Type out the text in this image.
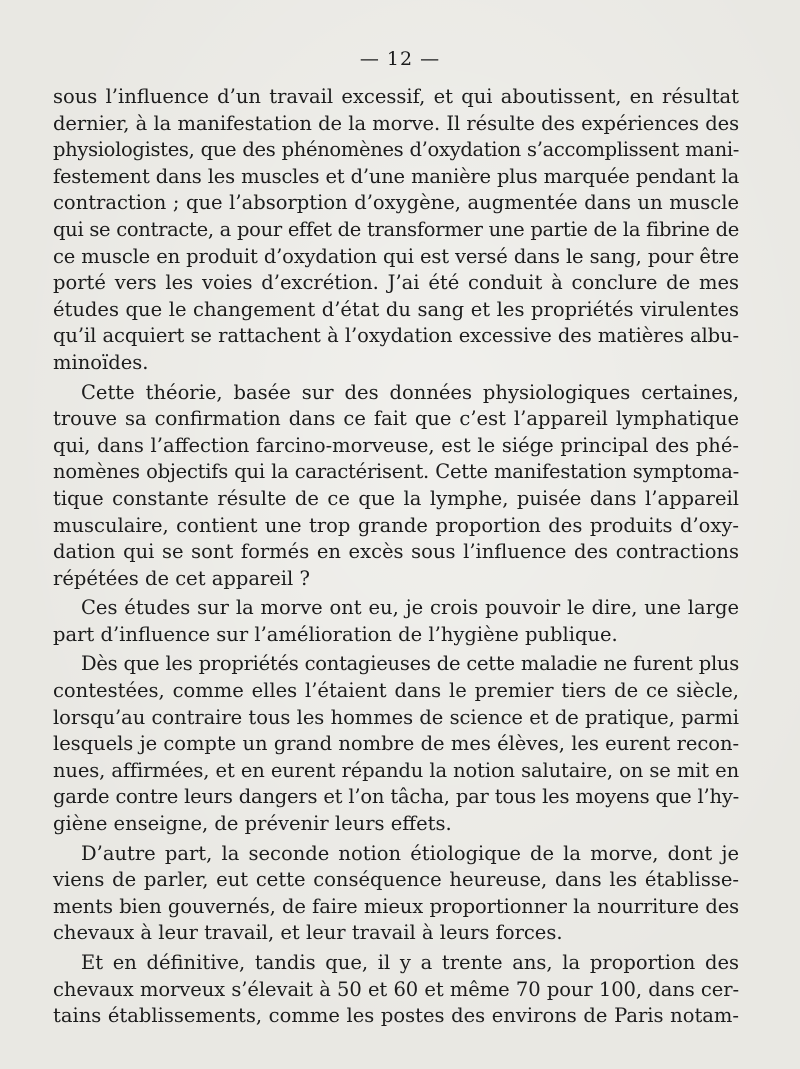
— 12 —
sous l’influence d’un travail excessif, et qui aboutissent, en résultat
dernier, à la manifestation de la morve. Il résulte des expériences des
physiologistes, que des phénomènes d’oxydation s’accomplissent mani-
festement dans les muscles et d’une manière plus marquée pendant la
contraction ; que l’absorption d’oxygène, augmentée dans un muscle
qui se contracte, a pour effet de transformer une partie de la fibrine de
ce muscle en produit d’oxydation qui est versé dans le sang, pour être
porté vers les voies d’excrétion. J’ai été conduit à conclure de mes
études que le changement d’état du sang et les propriétés virulentes
qu’il acquiert se rattachent à l’oxydation excessive des matières albu-
minoïdes.
Cette théorie, basée sur des données physiologiques certaines,
trouve sa confirmation dans ce fait que c’est l’appareil lymphatique
qui, dans l’affection farcino-morveuse, est le siége principal des phé-
nomènes objectifs qui la caractérisent. Cette manifestation symptoma-
tique constante résulte de ce que la lymphe, puisée dans l’appareil
musculaire, contient une trop grande proportion des produits d’oxy-
dation qui se sont formés en excès sous l’influence des contractions
répétées de cet appareil ?
Ces études sur la morve ont eu, je crois pouvoir le dire, une large
part d’influence sur l’amélioration de l’hygiène publique.
Dès que les propriétés contagieuses de cette maladie ne furent plus
contestées, comme elles l’étaient dans le premier tiers de ce siècle,
lorsqu’au contraire tous les hommes de science et de pratique, parmi
lesquels je compte un grand nombre de mes élèves, les eurent recon-
nues, affirmées, et en eurent répandu la notion salutaire, on se mit en
garde contre leurs dangers et l’on tâcha, par tous les moyens que l’hy-
giène enseigne, de prévenir leurs effets.
D’autre part, la seconde notion étiologique de la morve, dont je
viens de parler, eut cette conséquence heureuse, dans les établisse-
ments bien gouvernés, de faire mieux proportionner la nourriture des
chevaux à leur travail, et leur travail à leurs forces.
Et en définitive, tandis que, il y a trente ans, la proportion des
chevaux morveux s’élevait à 50 et 60 et même 70 pour 100, dans cer-
tains établissements, comme les postes des environs de Paris notam-
